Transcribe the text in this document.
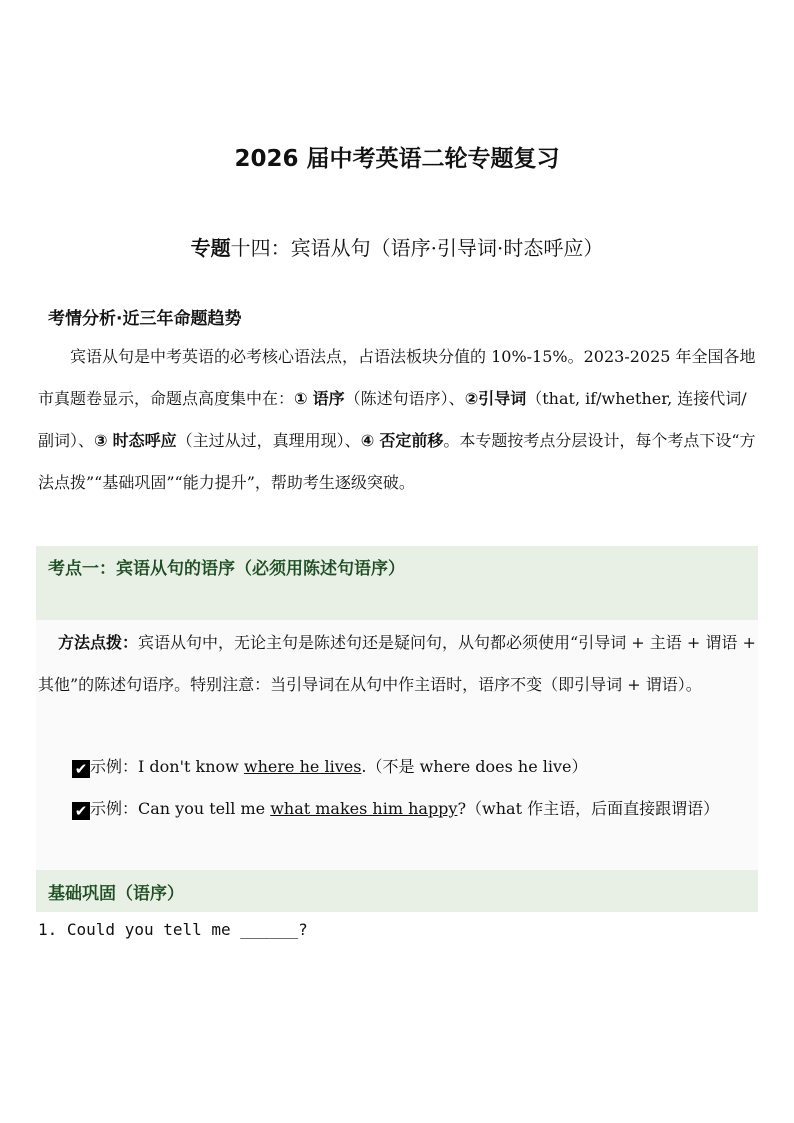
2026 届中考英语二轮专题复习
专题十四：宾语从句（语序·引导词·时态呼应）
考情分析·近三年命题趋势
宾语从句是中考英语的必考核心语法点，占语法板块分值的 10%-15%。2023-2025 年全国各地市真题卷显示，命题点高度集中在：① 语序（陈述句语序）、②引导词（that, if/whether, 连接代词/副词）、③ 时态呼应（主过从过，真理用现）、④ 否定前移。本专题按考点分层设计，每个考点下设“方法点拨”“基础巩固”“能力提升”，帮助考生逐级突破。
考点一：宾语从句的语序（必须用陈述句语序）
方法点拨：宾语从句中，无论主句是陈述句还是疑问句，从句都必须使用“引导词 + 主语 + 谓语 + 其他”的陈述句语序。特别注意：当引导词在从句中作主语时，语序不变（即引导词 + 谓语）。
✔ 示例：I don't know where he lives.（不是 where does he live）
✔ 示例：Can you tell me what makes him happy?（what 作主语，后面直接跟谓语）
基础巩固（语序）
1. Could you tell me ______?
